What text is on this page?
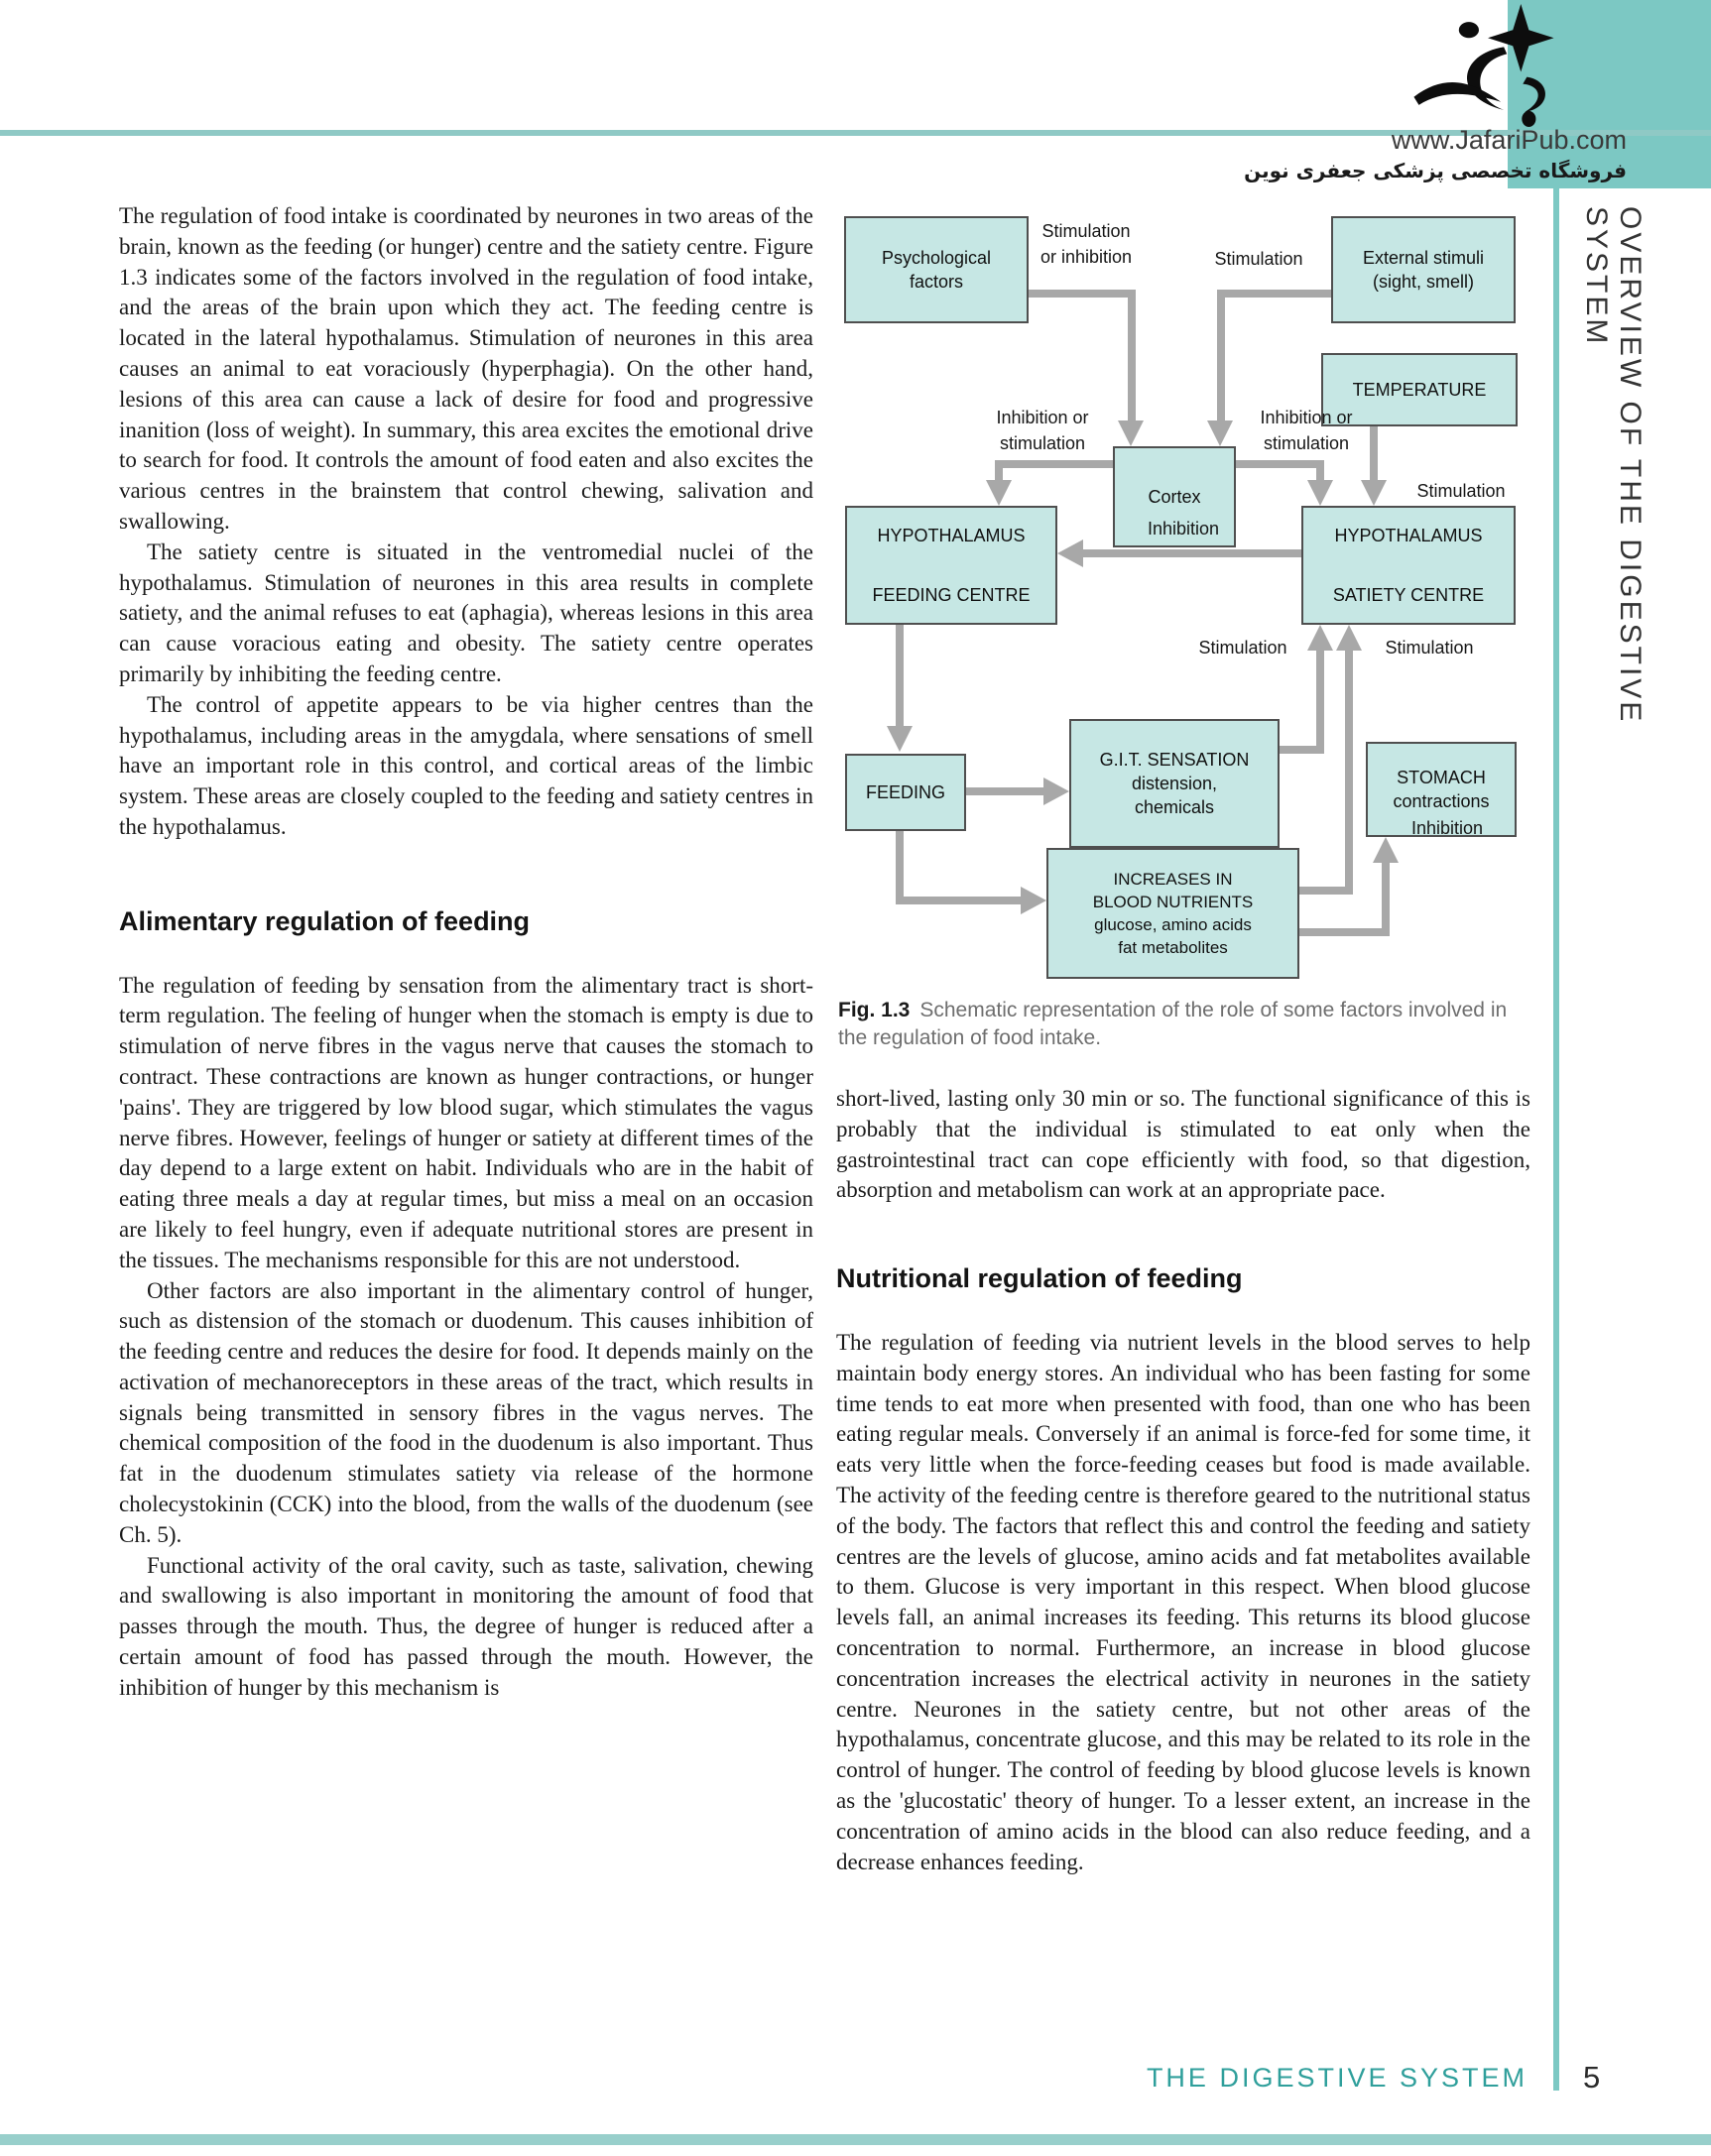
www.JafariPub.com
فروشگاه تخصصی پزشکی جعفری نوین
OVERVIEW OF THE DIGESTIVE SYSTEM

The regulation of food intake is coordinated by neurones in two areas of the brain, known as the feeding (or hunger) centre and the satiety centre. Figure 1.3 indicates some of the factors involved in the regulation of food intake, and the areas of the brain upon which they act. The feeding centre is located in the lateral hypothalamus. Stimulation of neurones in this area causes an animal to eat voraciously (hyperphagia). On the other hand, lesions of this area can cause a lack of desire for food and progressive inanition (loss of weight). In summary, this area excites the emotional drive to search for food. It controls the amount of food eaten and also excites the various centres in the brainstem that control chewing, salivation and swallowing.

The satiety centre is situated in the ventromedial nuclei of the hypothalamus. Stimulation of neurones in this area results in complete satiety, and the animal refuses to eat (aphagia), whereas lesions in this area can cause voracious eating and obesity. The satiety centre operates primarily by inhibiting the feeding centre.

The control of appetite appears to be via higher centres than the hypothalamus, including areas in the amygdala, where sensations of smell have an important role in this control, and cortical areas of the limbic system. These areas are closely coupled to the feeding and satiety centres in the hypothalamus.

Alimentary regulation of feeding

The regulation of feeding by sensation from the alimentary tract is short-term regulation. The feeling of hunger when the stomach is empty is due to stimulation of nerve fibres in the vagus nerve that causes the stomach to contract. These contractions are known as hunger contractions, or hunger 'pains'. They are triggered by low blood sugar, which stimulates the vagus nerve fibres. However, feelings of hunger or satiety at different times of the day depend to a large extent on habit. Individuals who are in the habit of eating three meals a day at regular times, but miss a meal on an occasion are likely to feel hungry, even if adequate nutritional stores are present in the tissues. The mechanisms responsible for this are not understood.

Other factors are also important in the alimentary control of hunger, such as distension of the stomach or duodenum. This causes inhibition of the feeding centre and reduces the desire for food. It depends mainly on the activation of mechanoreceptors in these areas of the tract, which results in signals being transmitted in sensory fibres in the vagus nerves. The chemical composition of the food in the duodenum is also important. Thus fat in the duodenum stimulates satiety via release of the hormone cholecystokinin (CCK) into the blood, from the walls of the duodenum (see Ch. 5).

Functional activity of the oral cavity, such as taste, salivation, chewing and swallowing is also important in monitoring the amount of food that passes through the mouth. Thus, the degree of hunger is reduced after a certain amount of food has passed through the mouth. However, the inhibition of hunger by this mechanism is

short-lived, lasting only 30 min or so. The functional significance of this is probably that the individual is stimulated to eat only when the gastrointestinal tract can cope efficiently with food, so that digestion, absorption and metabolism can work at an appropriate pace.

Nutritional regulation of feeding

The regulation of feeding via nutrient levels in the blood serves to help maintain body energy stores. An individual who has been fasting for some time tends to eat more when presented with food, than one who has been eating regular meals. Conversely if an animal is force-fed for some time, it eats very little when the force-feeding ceases but food is made available. The activity of the feeding centre is therefore geared to the nutritional status of the body. The factors that reflect this and control the feeding and satiety centres are the levels of glucose, amino acids and fat metabolites available to them. Glucose is very important in this respect. When blood glucose levels fall, an animal increases its feeding. This returns its blood glucose concentration to normal. Furthermore, an increase in blood glucose concentration increases the electrical activity in neurones in the satiety centre. Neurones in the satiety centre, but not other areas of the hypothalamus, concentrate glucose, and this may be related to its role in the control of hunger. The control of feeding by blood glucose levels is known as the 'glucostatic' theory of hunger. To a lesser extent, an increase in the concentration of amino acids in the blood can also reduce feeding, and a decrease enhances feeding.

Psychological
factors
External stimuli
(sight, smell)
TEMPERATURE
Cortex
HYPOTHALAMUS
FEEDING CENTRE
HYPOTHALAMUS
SATIETY CENTRE
FEEDING
G.I.T. SENSATION
distension,
chemicals
STOMACH
contractions
INCREASES IN
BLOOD NUTRIENTS
glucose, amino acids
fat metabolites
Stimulation
or inhibition	Stimulation
Inhibition or
stimulation
Inhibition or
stimulation
Stimulation
Inhibition
Stimulation	Stimulation
Inhibition
Fig. 1.3 Schematic representation of the role of some factors involved in the regulation of food intake.
THE DIGESTIVE SYSTEM 5
